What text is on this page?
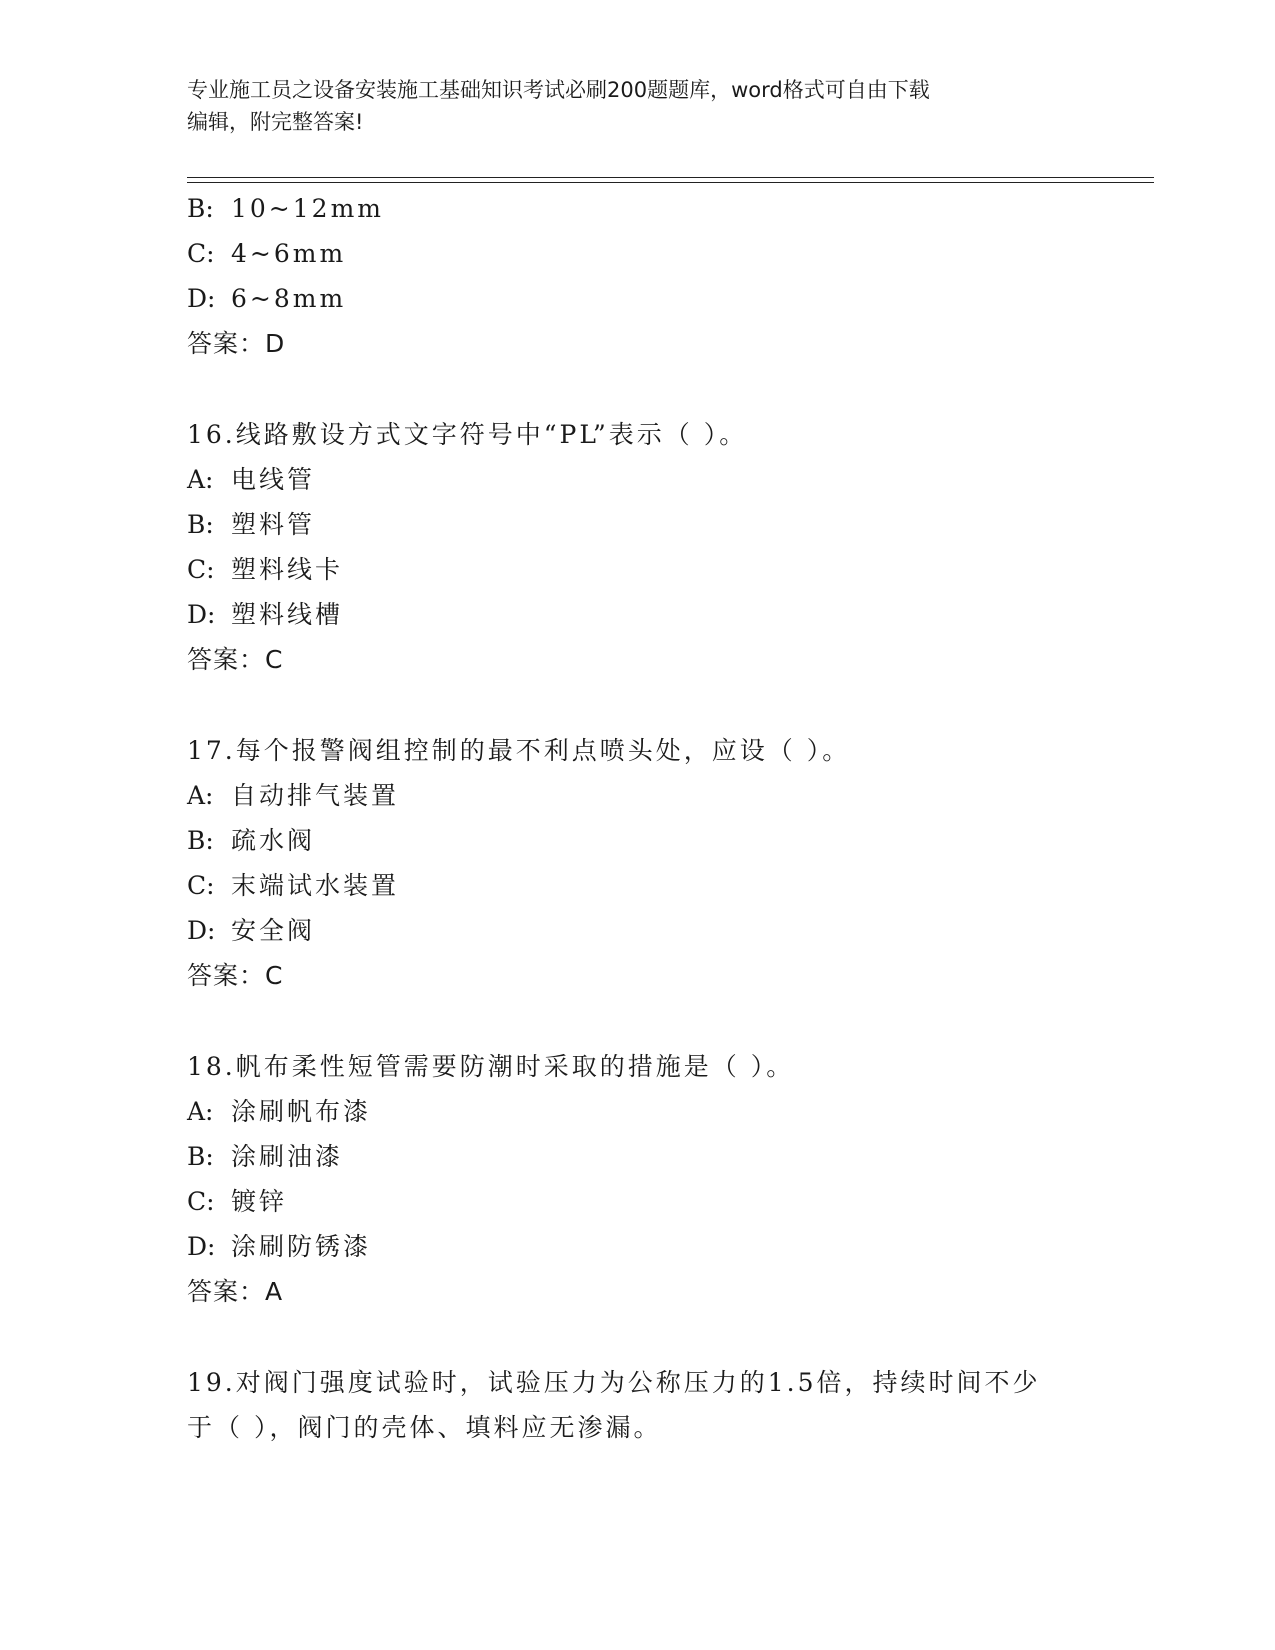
专业施工员之设备安装施工基础知识考试必刷200题题库，word格式可自由下载
编辑，附完整答案!
B: 10~12mm
C: 4~6mm
D: 6~8mm
答案：D
16.线路敷设方式文字符号中“PL”表示（ ）。
A: 电线管
B: 塑料管
C: 塑料线卡
D: 塑料线槽
答案：C
17.每个报警阀组控制的最不利点喷头处，应设（ ）。
A: 自动排气装置
B: 疏水阀
C: 末端试水装置
D: 安全阀
答案：C
18.帆布柔性短管需要防潮时采取的措施是（ ）。
A: 涂刷帆布漆
B: 涂刷油漆
C: 镀锌
D: 涂刷防锈漆
答案：A
19.对阀门强度试验时，试验压力为公称压力的1.5倍，持续时间不少
于（ ），阀门的壳体、填料应无渗漏。
